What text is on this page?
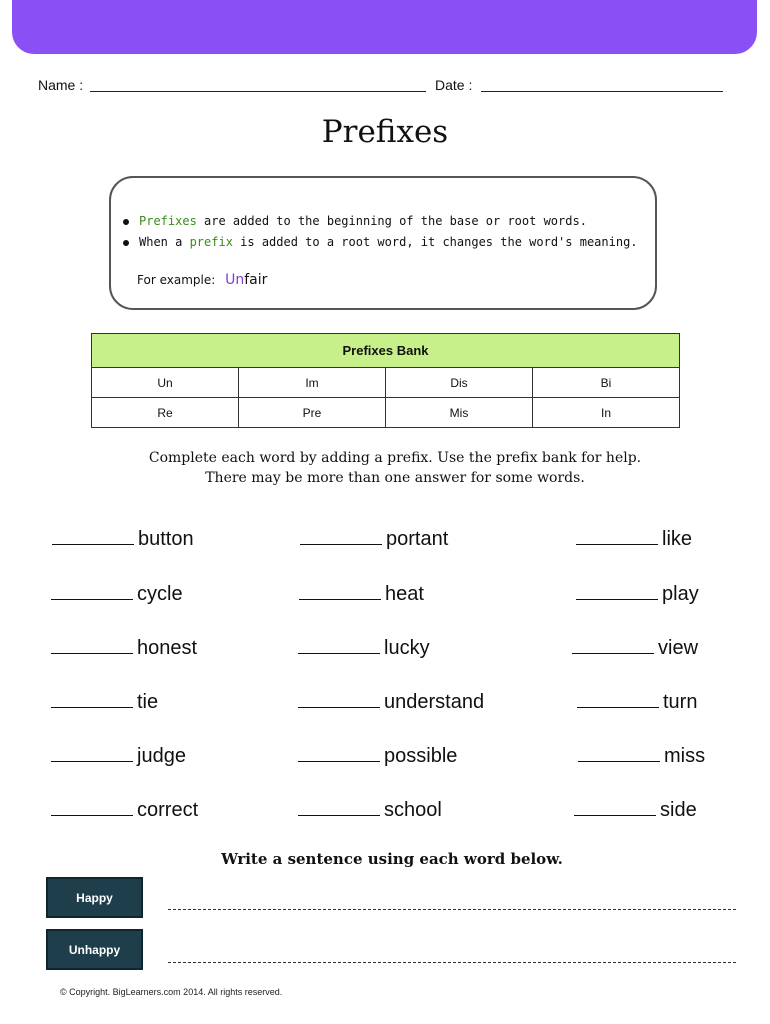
Name :	Date :
Prefixes
Prefixes are added to the beginning of the base or root words.
When a prefix is added to a root word, it changes the word's meaning.
For example: Unfair
Prefixes Bank			
Un	Im	Dis	Bi
Re	Pre	Mis	In
Complete each word by adding a prefix. Use the prefix bank for help.
There may be more than one answer for some words.
button	portant	like
cycle	heat	play
honest	lucky	view
tie	understand	turn
judge	possible	miss
correct	school	side
Write a sentence using each word below.
Happy
Unhappy
© Copyright. BigLearners.com 2014. All rights reserved.
